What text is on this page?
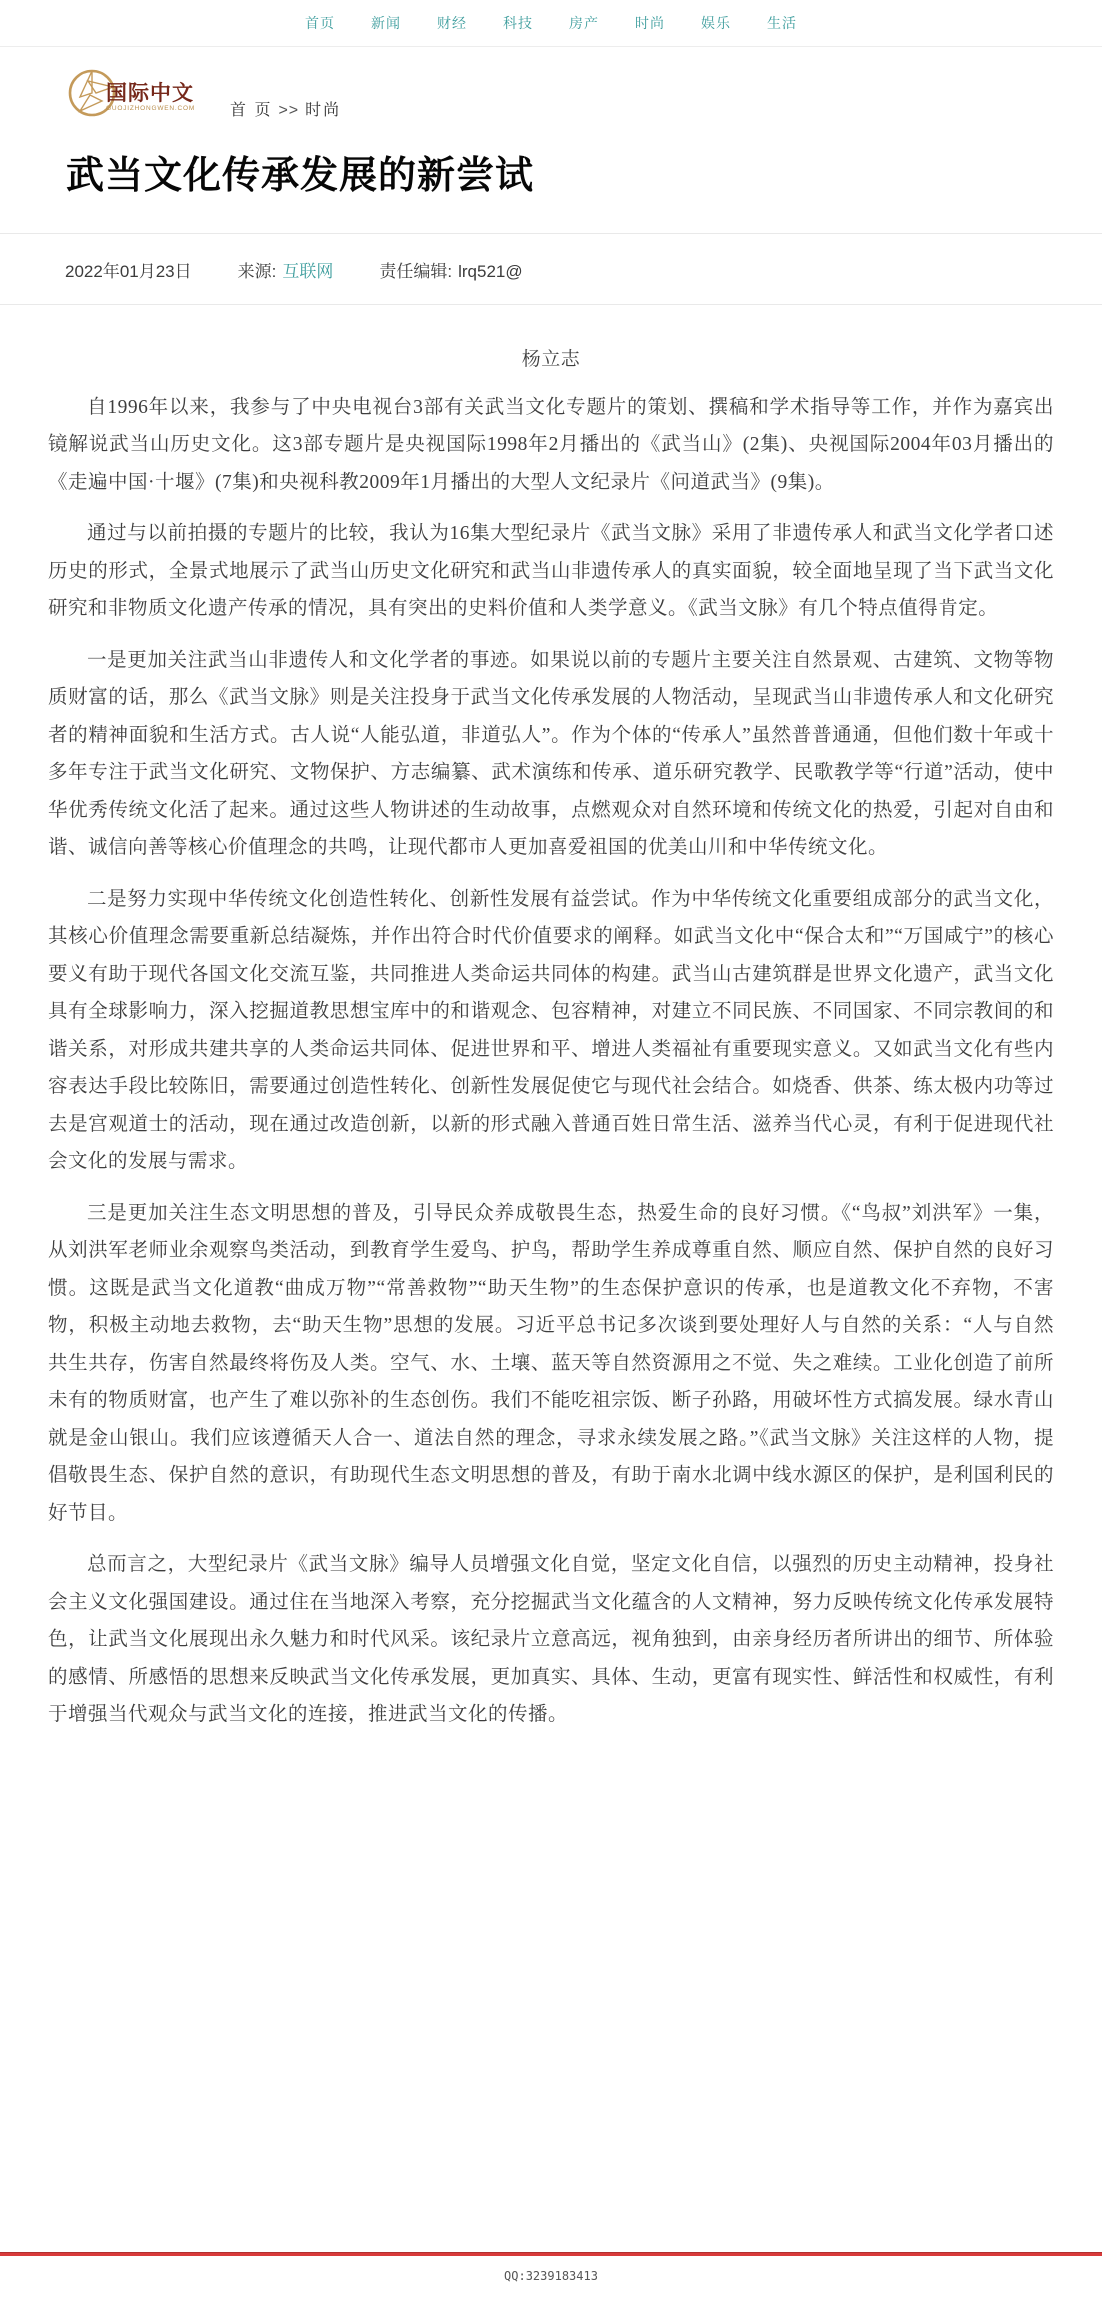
首页	新闻	财经	科技	房产	时尚	娱乐	生活
国际中文
GUOJIZHONGWEN.COM 首 页 >> 时尚
武当文化传承发展的新尝试
2022年01月23日	来源: 互联网	责任编辑: lrq521@
杨立志

自1996年以来，我参与了中央电视台3部有关武当文化专题片的策划、撰稿和学术指导等工作，并作为嘉宾出镜解说武当山历史文化。这3部专题片是央视国际1998年2月播出的《武当山》(2集)、央视国际2004年03月播出的《走遍中国·十堰》(7集)和央视科教2009年1月播出的大型人文纪录片《问道武当》(9集)。

通过与以前拍摄的专题片的比较，我认为16集大型纪录片《武当文脉》采用了非遗传承人和武当文化学者口述历史的形式，全景式地展示了武当山历史文化研究和武当山非遗传承人的真实面貌，较全面地呈现了当下武当文化研究和非物质文化遗产传承的情况，具有突出的史料价值和人类学意义。《武当文脉》有几个特点值得肯定。

一是更加关注武当山非遗传人和文化学者的事迹。如果说以前的专题片主要关注自然景观、古建筑、文物等物质财富的话，那么《武当文脉》则是关注投身于武当文化传承发展的人物活动，呈现武当山非遗传承人和文化研究者的精神面貌和生活方式。古人说“人能弘道，非道弘人”。作为个体的“传承人”虽然普普通通，但他们数十年或十多年专注于武当文化研究、文物保护、方志编纂、武术演练和传承、道乐研究教学、民歌教学等“行道”活动，使中华优秀传统文化活了起来。通过这些人物讲述的生动故事，点燃观众对自然环境和传统文化的热爱，引起对自由和谐、诚信向善等核心价值理念的共鸣，让现代都市人更加喜爱祖国的优美山川和中华传统文化。

二是努力实现中华传统文化创造性转化、创新性发展有益尝试。作为中华传统文化重要组成部分的武当文化，其核心价值理念需要重新总结凝炼，并作出符合时代价值要求的阐释。如武当文化中“保合太和”“万国咸宁”的核心要义有助于现代各国文化交流互鉴，共同推进人类命运共同体的构建。武当山古建筑群是世界文化遗产，武当文化具有全球影响力，深入挖掘道教思想宝库中的和谐观念、包容精神，对建立不同民族、不同国家、不同宗教间的和谐关系，对形成共建共享的人类命运共同体、促进世界和平、增进人类福祉有重要现实意义。又如武当文化有些内容表达手段比较陈旧，需要通过创造性转化、创新性发展促使它与现代社会结合。如烧香、供茶、练太极内功等过去是宫观道士的活动，现在通过改造创新，以新的形式融入普通百姓日常生活、滋养当代心灵，有利于促进现代社会文化的发展与需求。

三是更加关注生态文明思想的普及，引导民众养成敬畏生态，热爱生命的良好习惯。《“鸟叔”刘洪军》一集，从刘洪军老师业余观察鸟类活动，到教育学生爱鸟、护鸟，帮助学生养成尊重自然、顺应自然、保护自然的良好习惯。这既是武当文化道教“曲成万物”“常善救物”“助天生物”的生态保护意识的传承，也是道教文化不弃物，不害物，积极主动地去救物，去“助天生物”思想的发展。习近平总书记多次谈到要处理好人与自然的关系：“人与自然共生共存，伤害自然最终将伤及人类。空气、水、土壤、蓝天等自然资源用之不觉、失之难续。工业化创造了前所未有的物质财富，也产生了难以弥补的生态创伤。我们不能吃祖宗饭、断子孙路，用破坏性方式搞发展。绿水青山就是金山银山。我们应该遵循天人合一、道法自然的理念，寻求永续发展之路。”《武当文脉》关注这样的人物，提倡敬畏生态、保护自然的意识，有助现代生态文明思想的普及，有助于南水北调中线水源区的保护，是利国利民的好节目。

总而言之，大型纪录片《武当文脉》编导人员增强文化自觉，坚定文化自信，以强烈的历史主动精神，投身社会主义文化强国建设。通过住在当地深入考察，充分挖掘武当文化蕴含的人文精神，努力反映传统文化传承发展特色，让武当文化展现出永久魅力和时代风采。该纪录片立意高远，视角独到，由亲身经历者所讲出的细节、所体验的感情、所感悟的思想来反映武当文化传承发展，更加真实、具体、生动，更富有现实性、鲜活性和权威性，有利于增强当代观众与武当文化的连接，推进武当文化的传播。

QQ:3239183413
